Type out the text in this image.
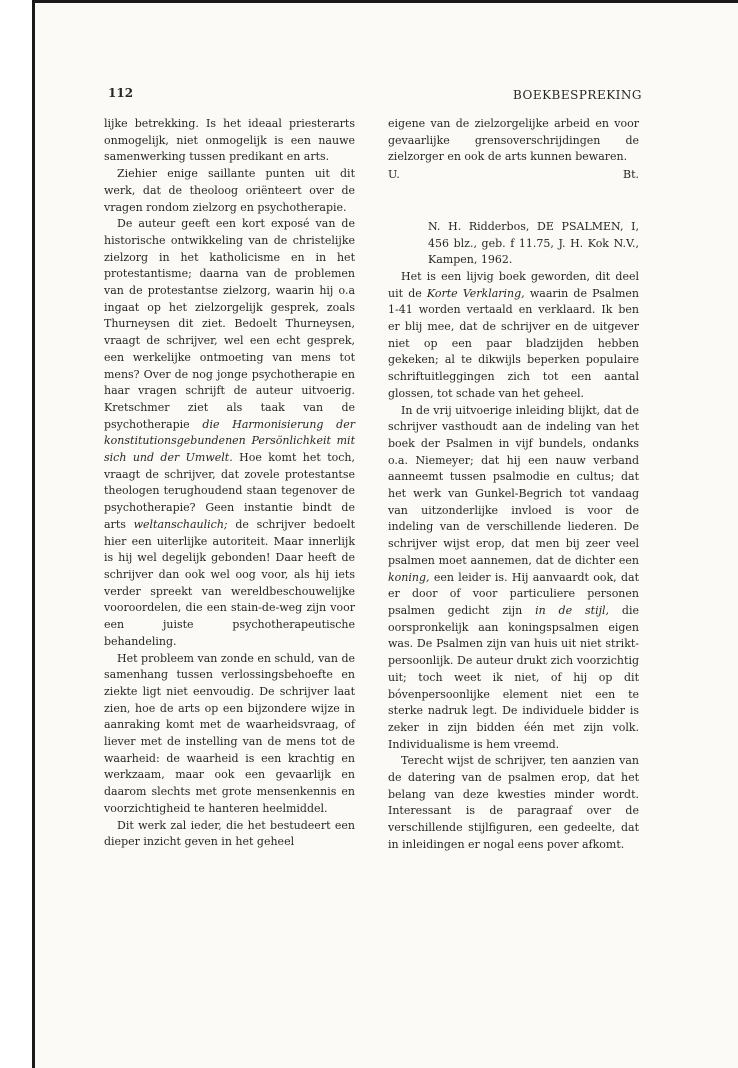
112	BOEKBESPREKING

lijke betrekking. Is het ideaal priesterarts onmogelijk, niet onmogelijk is een nauwe samenwerking tussen predikant en arts.

Ziehier enige saillante punten uit dit werk, dat de theoloog oriënteert over de vragen rondom zielzorg en psychotherapie.

De auteur geeft een kort exposé van de historische ontwikkeling van de christelijke zielzorg in het katholicisme en in het protestantisme; daarna van de problemen van de protestantse zielzorg, waarin hij o.a ingaat op het zielzorgelijk gesprek, zoals Thurneysen dit ziet. Bedoelt Thurneysen, vraagt de schrijver, wel een echt gesprek, een werkelijke ontmoeting van mens tot mens? Over de nog jonge psychotherapie en haar vragen schrijft de auteur uitvoerig. Kretschmer ziet als taak van de psychotherapie die Harmonisierung der konstitutionsgebundenen Persönlichkeit mit sich und der Umwelt. Hoe komt het toch, vraagt de schrijver, dat zovele protestantse theologen terughoudend staan tegenover de psychotherapie? Geen instantie bindt de arts weltanschaulich; de schrijver bedoelt hier een uiterlijke autoriteit. Maar innerlijk is hij wel degelijk gebonden! Daar heeft de schrijver dan ook wel oog voor, als hij iets verder spreekt van wereldbeschouwelijke vooroordelen, die een stain-de-weg zijn voor een juiste psychotherapeutische behandeling.

Het probleem van zonde en schuld, van de samenhang tussen verlossingsbehoefte en ziekte ligt niet eenvoudig. De schrijver laat zien, hoe de arts op een bijzondere wijze in aanraking komt met de waarheidsvraag, of liever met de instelling van de mens tot de waarheid: de waarheid is een krachtig en werkzaam, maar ook een gevaarlijk en daarom slechts met grote mensenkennis en voorzichtigheid te hanteren heelmiddel.

Dit werk zal ieder, die het bestudeert een dieper inzicht geven in het geheel

eigene van de zielzorgelijke arbeid en voor gevaarlijke grensoverschrijdingen de zielzorger en ook de arts kunnen bewaren.

U.	Bt.

N. H. Ridderbos, DE PSALMEN, I, 456 blz., geb. f 11.75, J. H. Kok N.V., Kampen, 1962.

Het is een lijvig boek geworden, dit deel uit de Korte Verklaring, waarin de Psalmen 1-41 worden vertaald en verklaard. Ik ben er blij mee, dat de schrijver en de uitgever niet op een paar bladzijden hebben gekeken; al te dikwijls beperken populaire schriftuitleggingen zich tot een aantal glossen, tot schade van het geheel.

In de vrij uitvoerige inleiding blijkt, dat de schrijver vasthoudt aan de indeling van het boek der Psalmen in vijf bundels, ondanks o.a. Niemeyer; dat hij een nauw verband aanneemt tussen psalmodie en cultus; dat het werk van Gunkel-Begrich tot vandaag van uitzonderlijke invloed is voor de indeling van de verschillende liederen. De schrijver wijst erop, dat men bij zeer veel psalmen moet aannemen, dat de dichter een koning, een leider is. Hij aanvaardt ook, dat er door of voor particuliere personen psalmen gedicht zijn in de stijl, die oorspronkelijk aan koningspsalmen eigen was. De Psalmen zijn van huis uit niet strikt-persoonlijk. De auteur drukt zich voorzichtig uit; toch weet ik niet, of hij op dit bóvenpersoonlijke element niet een te sterke nadruk legt. De individuele bidder is zeker in zijn bidden één met zijn volk. Individualisme is hem vreemd.

Terecht wijst de schrijver, ten aanzien van de datering van de psalmen erop, dat het belang van deze kwesties minder wordt. Interessant is de paragraaf over de verschillende stijlfiguren, een gedeelte, dat in inleidingen er nogal eens pover afkomt.
